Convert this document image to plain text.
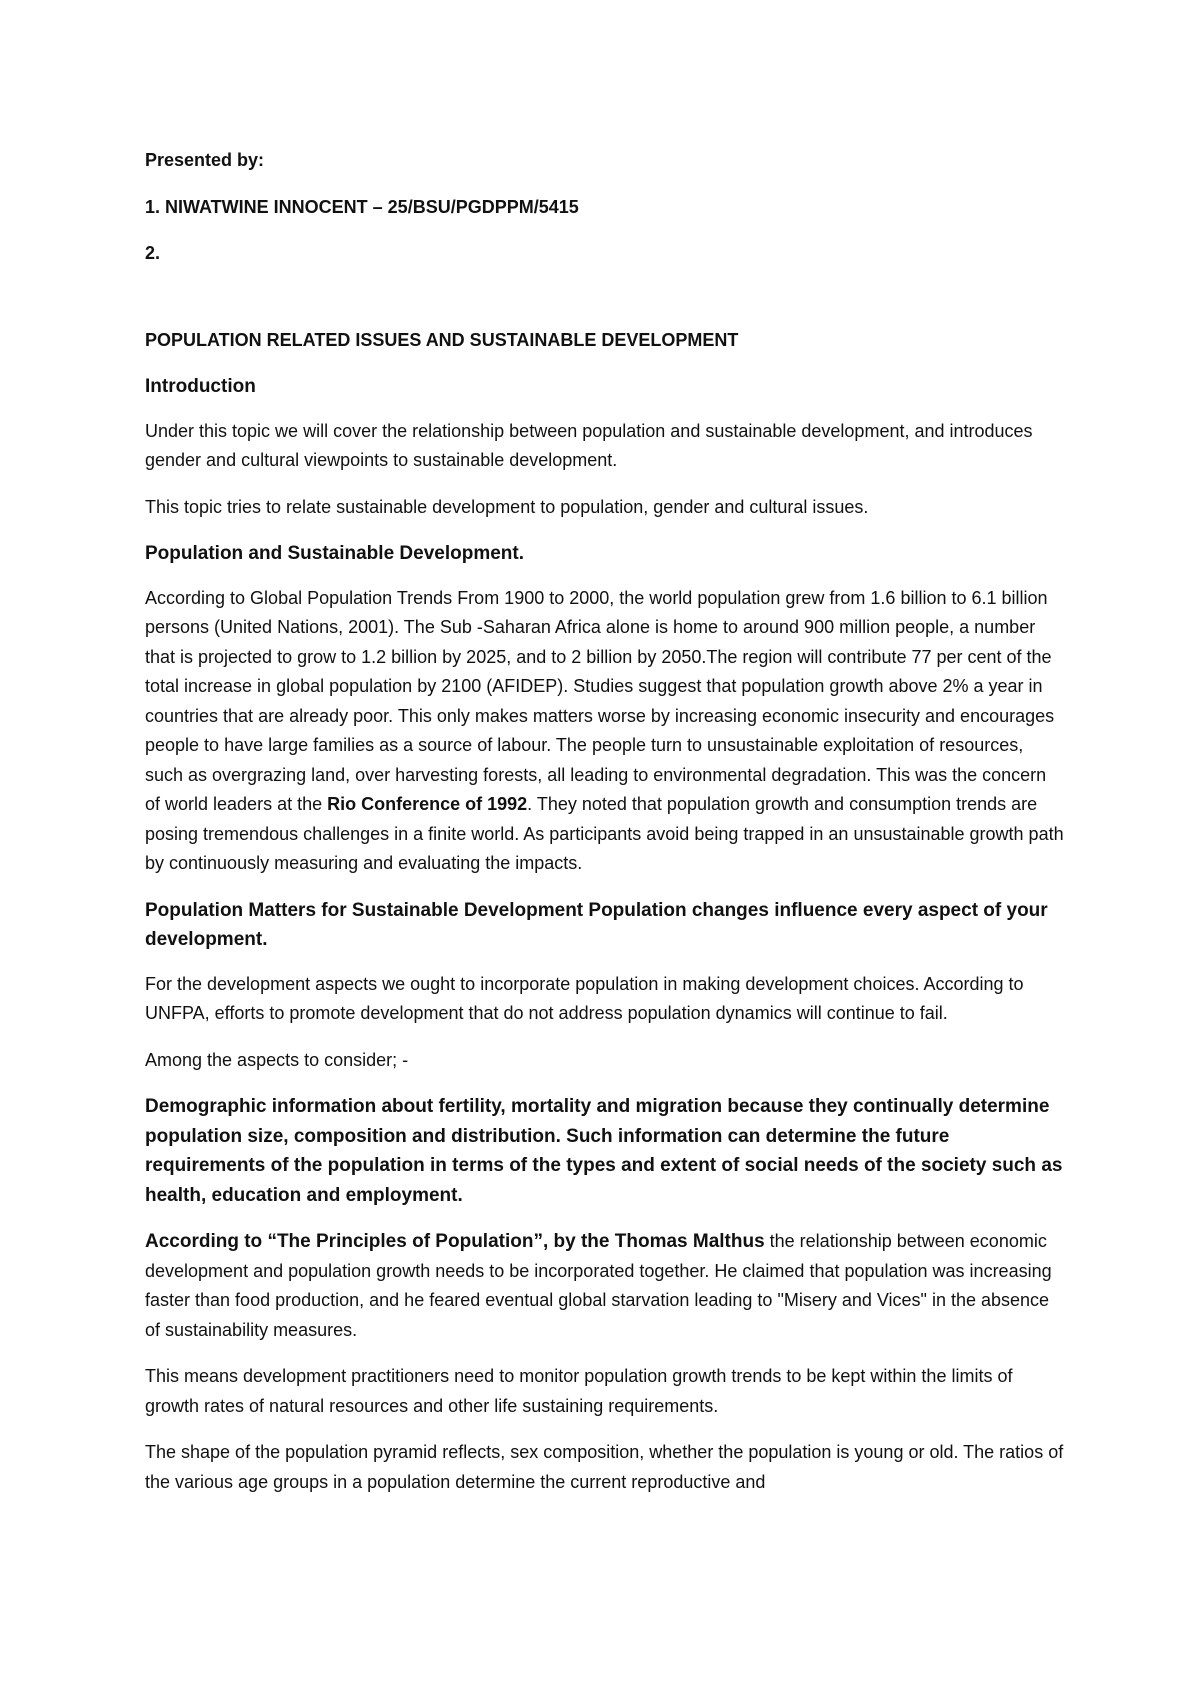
Presented by:

1. NIWATWINE INNOCENT – 25/BSU/PGDPPM/5415

2.

POPULATION RELATED ISSUES AND SUSTAINABLE DEVELOPMENT

Introduction

Under this topic we will cover the relationship between population and sustainable development, and introduces gender and cultural viewpoints to sustainable development.

This topic tries to relate sustainable development to population, gender and cultural issues.

Population and Sustainable Development.

According to Global Population Trends From 1900 to 2000, the world population grew from 1.6 billion to 6.1 billion persons (United Nations, 2001). The Sub -Saharan Africa alone is home to around 900 million people, a number that is projected to grow to 1.2 billion by 2025, and to 2 billion by 2050.The region will contribute 77 per cent of the total increase in global population by 2100 (AFIDEP). Studies suggest that population growth above 2% a year in countries that are already poor. This only makes matters worse by increasing economic insecurity and encourages people to have large families as a source of labour. The people turn to unsustainable exploitation of resources, such as overgrazing land, over harvesting forests, all leading to environmental degradation. This was the concern of world leaders at the Rio Conference of 1992. They noted that population growth and consumption trends are posing tremendous challenges in a finite world. As participants avoid being trapped in an unsustainable growth path by continuously measuring and evaluating the impacts.

Population Matters for Sustainable Development Population changes influence every aspect of your development.

For the development aspects we ought to incorporate population in making development choices. According to UNFPA, efforts to promote development that do not address population dynamics will continue to fail.

Among the aspects to consider; -

Demographic information about fertility, mortality and migration because they continually determine population size, composition and distribution. Such information can determine the future requirements of the population in terms of the types and extent of social needs of the society such as health, education and employment.

According to “The Principles of Population”, by the Thomas Malthus the relationship between economic development and population growth needs to be incorporated together. He claimed that population was increasing faster than food production, and he feared eventual global starvation leading to "Misery and Vices" in the absence of sustainability measures.

This means development practitioners need to monitor population growth trends to be kept within the limits of growth rates of natural resources and other life sustaining requirements.

The shape of the population pyramid reflects, sex composition, whether the population is young or old. The ratios of the various age groups in a population determine the current reproductive and
